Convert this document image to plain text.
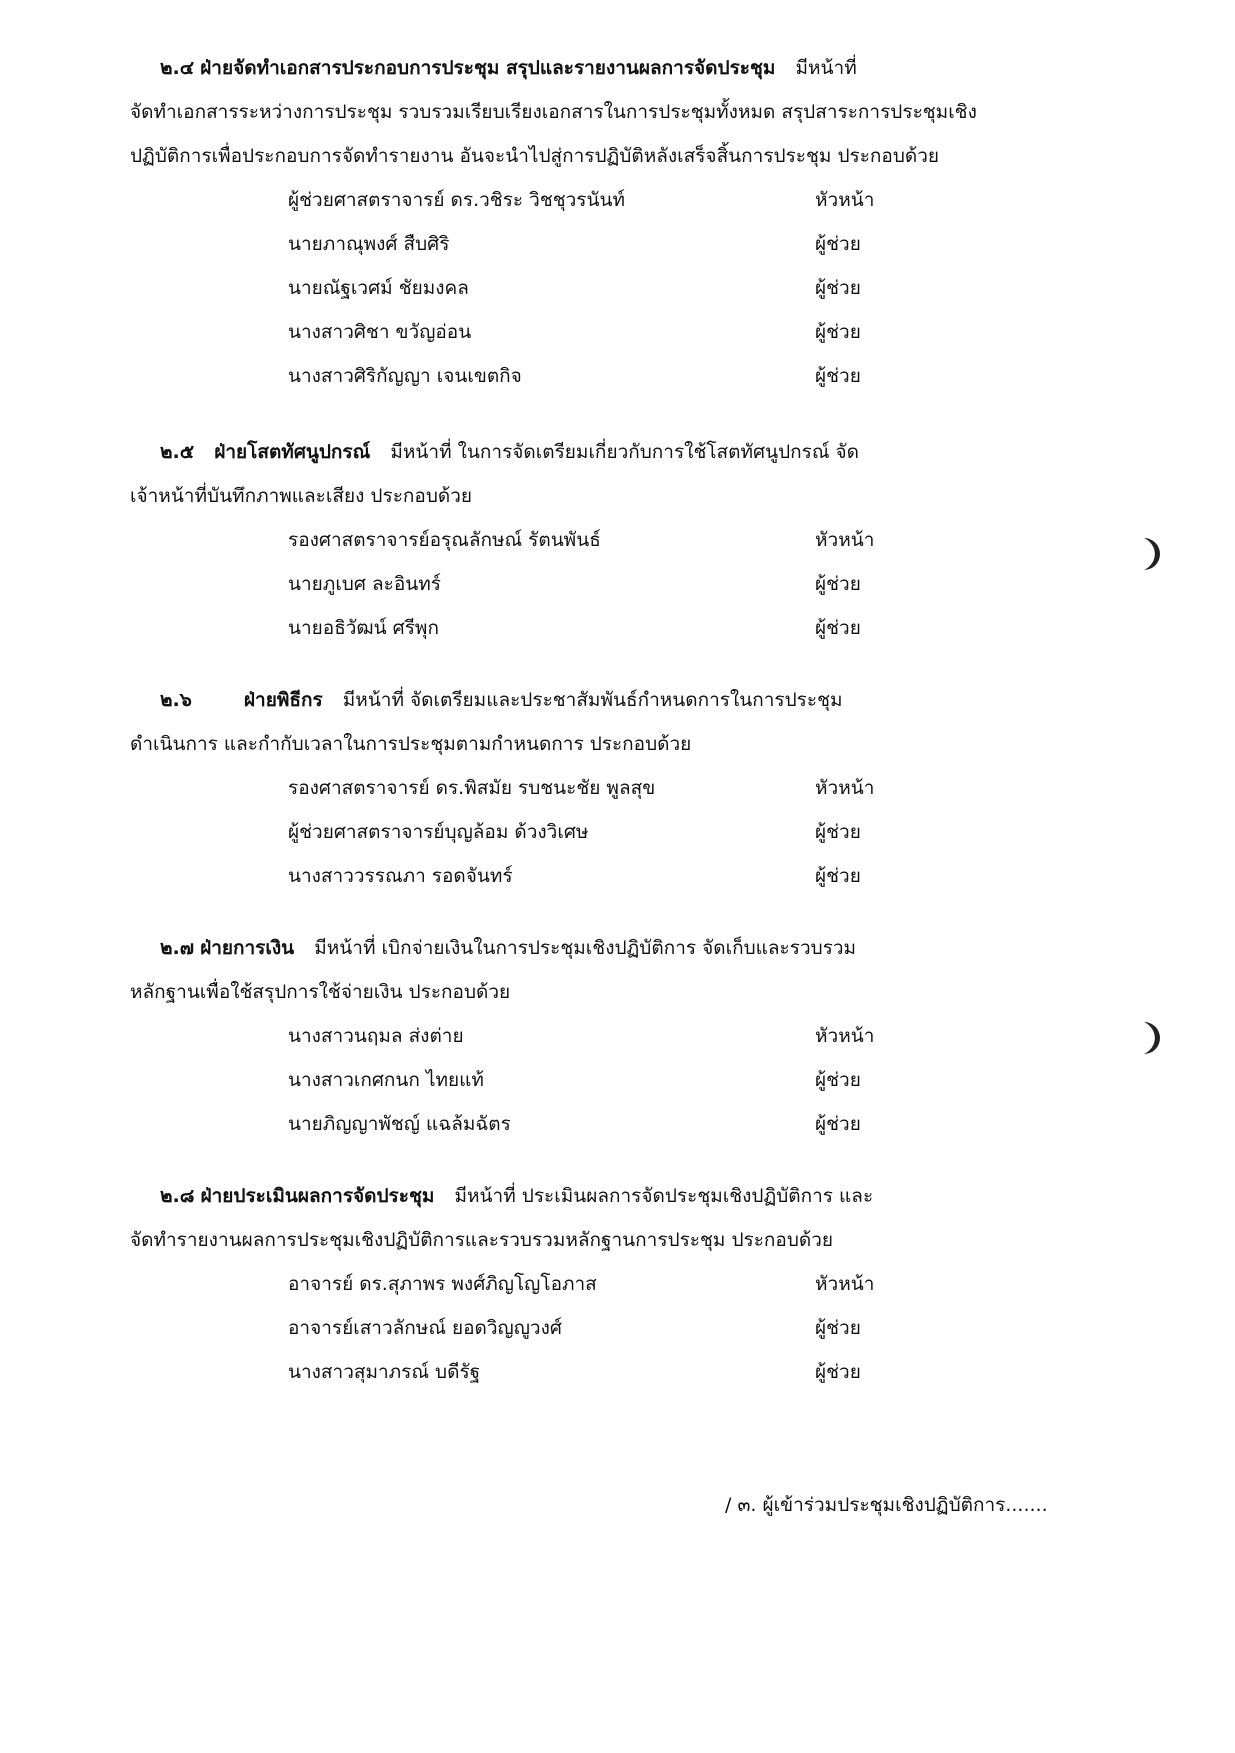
๒.๔ ฝ่ายจัดทำเอกสารประกอบการประชุม สรุปและรายงานผลการจัดประชุม มีหน้าที่
จัดทำเอกสารระหว่างการประชุม รวบรวมเรียบเรียงเอกสารในการประชุมทั้งหมด สรุปสาระการประชุมเชิง
ปฏิบัติการเพื่อประกอบการจัดทำรายงาน อันจะนำไปสู่การปฏิบัติหลังเสร็จสิ้นการประชุม ประกอบด้วย

ผู้ช่วยศาสตราจารย์ ดร.วชิระ วิชชุวรนันท์	หัวหน้า
นายภาณุพงศ์ สืบศิริ	ผู้ช่วย
นายณัฐเวศม์ ชัยมงคล	ผู้ช่วย
นางสาวศิชา ขวัญอ่อน	ผู้ช่วย
นางสาวศิริกัญญา เจนเขตกิจ	ผู้ช่วย

๒.๕ ฝ่ายโสตทัศนูปกรณ์ มีหน้าที่ ในการจัดเตรียมเกี่ยวกับการใช้โสตทัศนูปกรณ์ จัด
เจ้าหน้าที่บันทึกภาพและเสียง ประกอบด้วย

รองศาสตราจารย์อรุณลักษณ์ รัตนพันธ์	หัวหน้า
นายภูเบศ ละอินทร์	ผู้ช่วย
นายอธิวัฒน์ ศรีพุก	ผู้ช่วย

๒.๖	ฝ่ายพิธีกร มีหน้าที่ จัดเตรียมและประชาสัมพันธ์กำหนดการในการประชุม
ดำเนินการ และกำกับเวลาในการประชุมตามกำหนดการ ประกอบด้วย

รองศาสตราจารย์ ดร.พิสมัย รบชนะชัย พูลสุข	หัวหน้า
ผู้ช่วยศาสตราจารย์บุญล้อม ด้วงวิเศษ	ผู้ช่วย
นางสาววรรณภา รอดจันทร์	ผู้ช่วย

๒.๗ ฝ่ายการเงิน มีหน้าที่ เบิกจ่ายเงินในการประชุมเชิงปฏิบัติการ จัดเก็บและรวบรวม
หลักฐานเพื่อใช้สรุปการใช้จ่ายเงิน ประกอบด้วย

นางสาวนฤมล ส่งต่าย	หัวหน้า
นางสาวเกศกนก ไทยแท้	ผู้ช่วย
นายภิญญาพัชญ์ แฉล้มฉัตร	ผู้ช่วย

๒.๘ ฝ่ายประเมินผลการจัดประชุม มีหน้าที่ ประเมินผลการจัดประชุมเชิงปฏิบัติการ และ
จัดทำรายงานผลการประชุมเชิงปฏิบัติการและรวบรวมหลักฐานการประชุม ประกอบด้วย

อาจารย์ ดร.สุภาพร พงศ์ภิญโญโอภาส	หัวหน้า
อาจารย์เสาวลักษณ์ ยอดวิญญูวงศ์	ผู้ช่วย
นางสาวสุมาภรณ์ บดีรัฐ	ผู้ช่วย
/ ๓. ผู้เข้าร่วมประชุมเชิงปฏิบัติการ.......
